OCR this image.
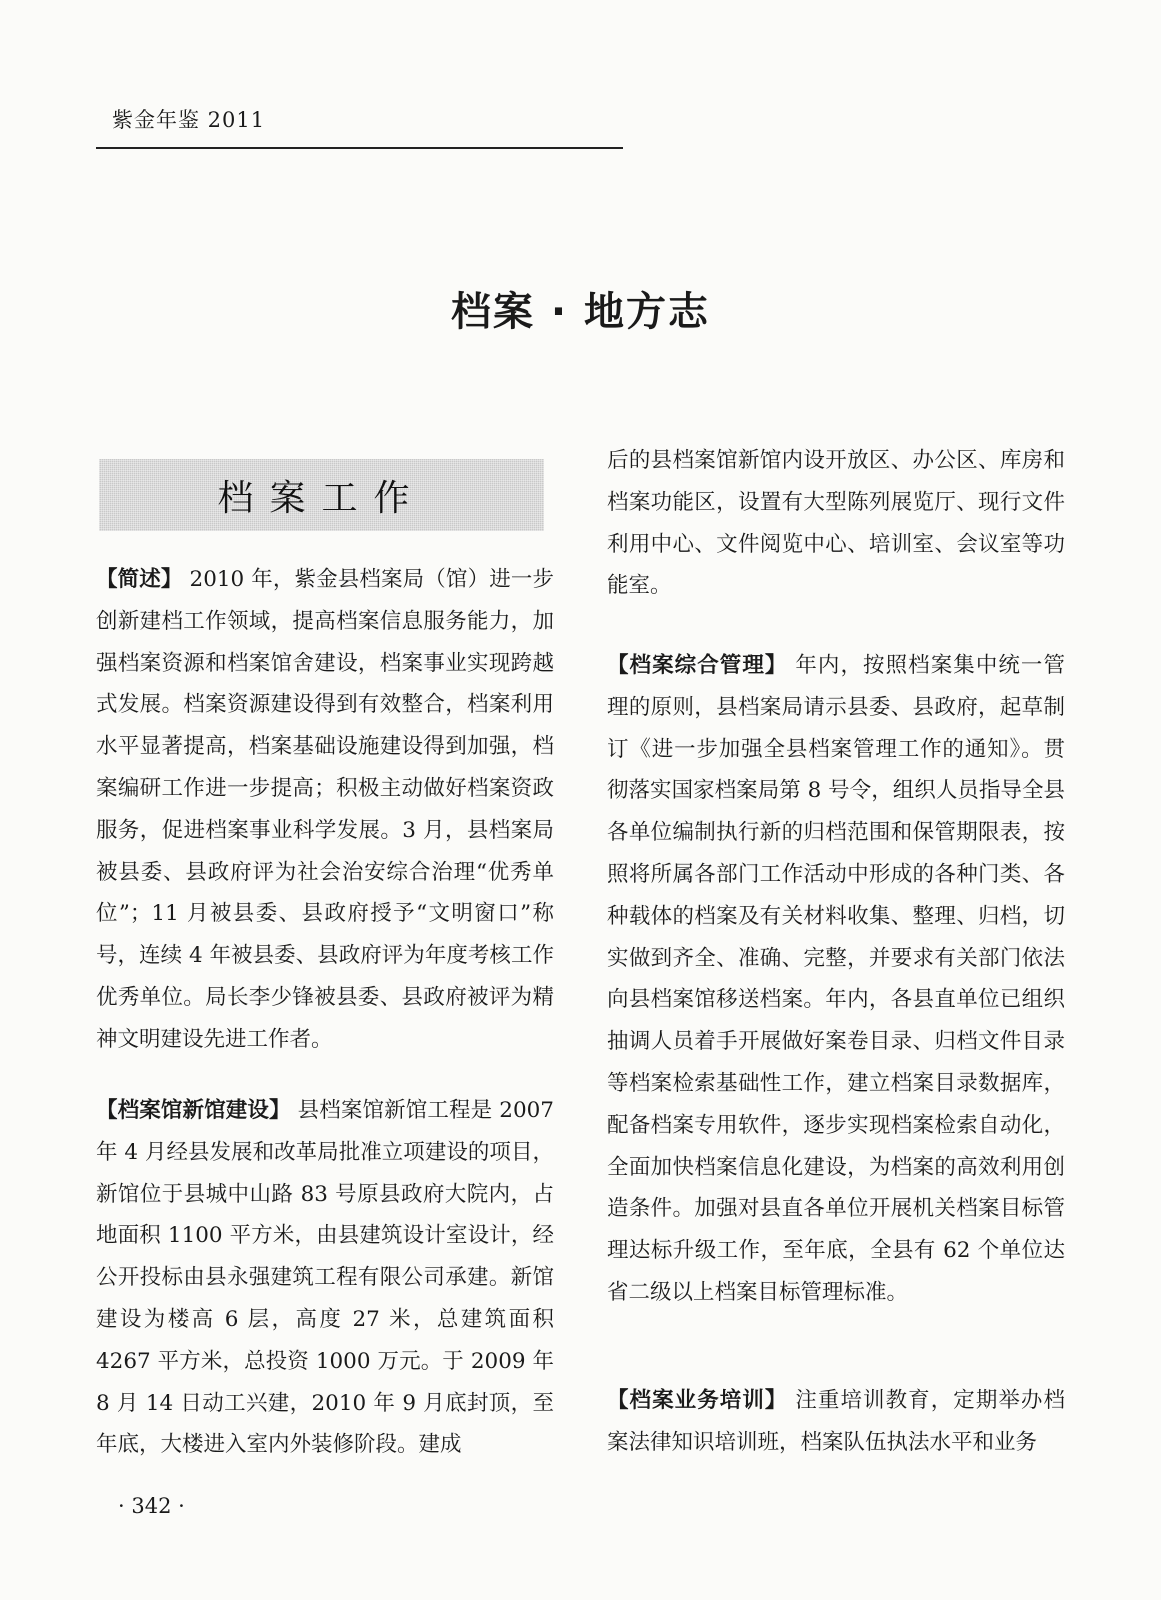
紫金年鉴 2011
档案 · 地方志
档案工作

【简述】 2010 年，紫金县档案局（馆）进一步创新建档工作领域，提高档案信息服务能力，加强档案资源和档案馆舍建设，档案事业实现跨越式发展。档案资源建设得到有效整合，档案利用水平显著提高，档案基础设施建设得到加强，档案编研工作进一步提高；积极主动做好档案资政服务，促进档案事业科学发展。3 月，县档案局被县委、县政府评为社会治安综合治理“优秀单位”；11 月被县委、县政府授予“文明窗口”称号，连续 4 年被县委、县政府评为年度考核工作优秀单位。局长李少锋被县委、县政府被评为精神文明建设先进工作者。

【档案馆新馆建设】 县档案馆新馆工程是 2007 年 4 月经县发展和改革局批准立项建设的项目，新馆位于县城中山路 83 号原县政府大院内，占地面积 1100 平方米，由县建筑设计室设计，经公开投标由县永强建筑工程有限公司承建。新馆建设为楼高 6 层，高度 27 米，总建筑面积 4267 平方米，总投资 1000 万元。于 2009 年 8 月 14 日动工兴建，2010 年 9 月底封顶，至年底，大楼进入室内外装修阶段。建成

后的县档案馆新馆内设开放区、办公区、库房和档案功能区，设置有大型陈列展览厅、现行文件利用中心、文件阅览中心、培训室、会议室等功能室。

【档案综合管理】 年内，按照档案集中统一管理的原则，县档案局请示县委、县政府，起草制订《进一步加强全县档案管理工作的通知》。贯彻落实国家档案局第 8 号令，组织人员指导全县各单位编制执行新的归档范围和保管期限表，按照将所属各部门工作活动中形成的各种门类、各种载体的档案及有关材料收集、整理、归档，切实做到齐全、准确、完整，并要求有关部门依法向县档案馆移送档案。年内，各县直单位已组织抽调人员着手开展做好案卷目录、归档文件目录等档案检索基础性工作，建立档案目录数据库，配备档案专用软件，逐步实现档案检索自动化，全面加快档案信息化建设，为档案的高效利用创造条件。加强对县直各单位开展机关档案目标管理达标升级工作，至年底，全县有 62 个单位达省二级以上档案目标管理标准。

【档案业务培训】 注重培训教育，定期举办档案法律知识培训班，档案队伍执法水平和业务

· 342 ·
